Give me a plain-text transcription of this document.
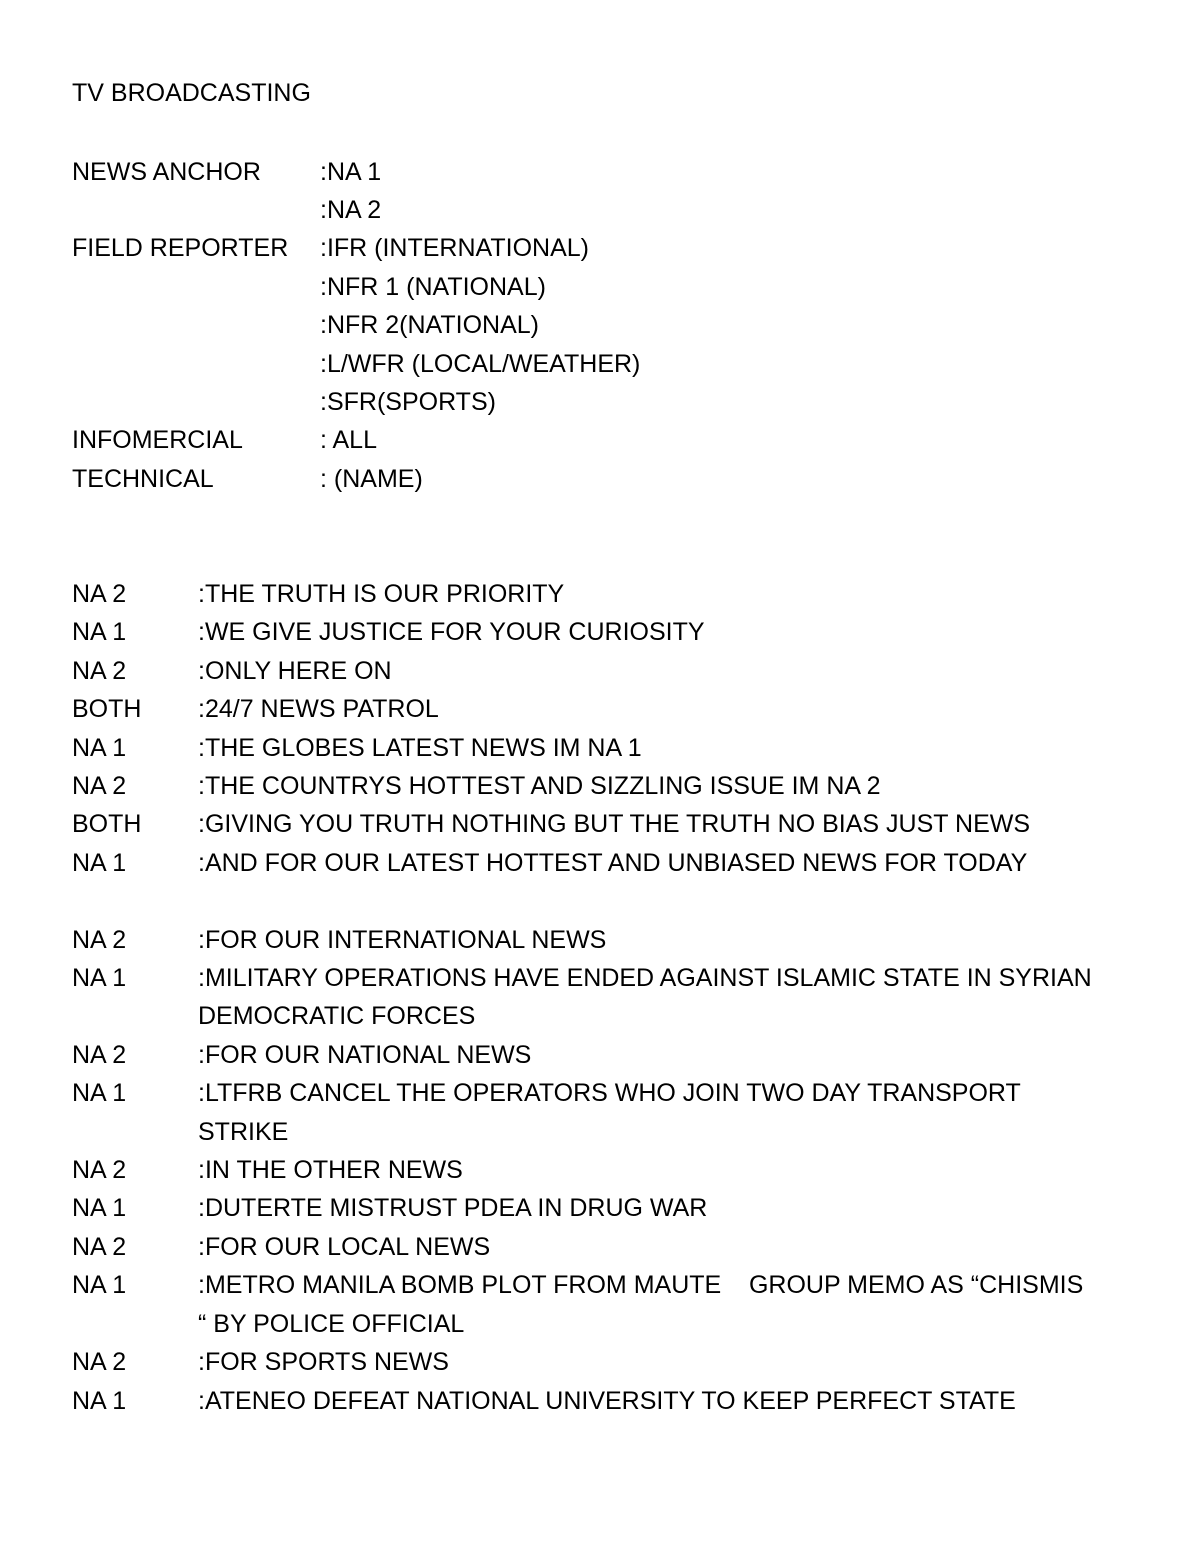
TV BROADCASTING
NEWS ANCHOR	:NA 1
:NA 2
FIELD REPORTER	:IFR (INTERNATIONAL)
:NFR 1 (NATIONAL)
:NFR 2(NATIONAL)
:L/WFR (LOCAL/WEATHER)
:SFR(SPORTS)
INFOMERCIAL	: ALL
TECHNICAL	: (NAME)
NA 2	:THE TRUTH IS OUR PRIORITY
NA 1	:WE GIVE JUSTICE FOR YOUR CURIOSITY
NA 2	:ONLY HERE ON
BOTH	:24/7 NEWS PATROL
NA 1	:THE GLOBES LATEST NEWS IM NA 1
NA 2	:THE COUNTRYS HOTTEST AND SIZZLING ISSUE IM NA 2
BOTH	:GIVING YOU TRUTH NOTHING BUT THE TRUTH NO BIAS JUST NEWS
NA 1	:AND FOR OUR LATEST HOTTEST AND UNBIASED NEWS FOR TODAY
NA 2	:FOR OUR INTERNATIONAL NEWS
NA 1	:MILITARY OPERATIONS HAVE ENDED AGAINST ISLAMIC STATE IN SYRIAN DEMOCRATIC FORCES
NA 2	:FOR OUR NATIONAL NEWS
NA 1	:LTFRB CANCEL THE OPERATORS WHO JOIN TWO DAY TRANSPORT STRIKE
NA 2	:IN THE OTHER NEWS
NA 1	:DUTERTE MISTRUST PDEA IN DRUG WAR
NA 2	:FOR OUR LOCAL NEWS
NA 1	:METRO MANILA BOMB PLOT FROM MAUTE    GROUP MEMO AS “CHISMIS “ BY POLICE OFFICIAL
NA 2	:FOR SPORTS NEWS
NA 1	:ATENEO DEFEAT NATIONAL UNIVERSITY TO KEEP PERFECT STATE
